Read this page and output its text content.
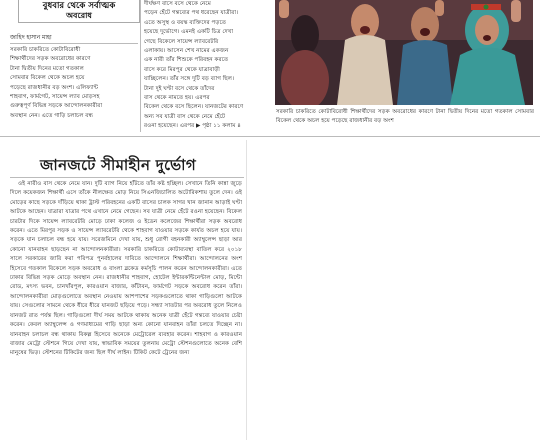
বুধবার থেকে সর্বাত্মক
অবরোধ
জাহিদ হাসান মাহা
সরকারি চাকরিতে কোটাবিরোধী
শিক্ষার্থীদের সড়ক অবরোধের কারণে
টানা দ্বিতীয় দিনের মতো গতকাল
সোমবার বিকেল থেকে অচল হয়ে
পড়েছে রাজধানীর বড় অংশ। এলিফ্যান্ট
শাহবাগ, ফার্মগেট, সায়েন্স ল্যাব মোড়সহ
গুরুত্বপূর্ণ বিভিন্ন সড়কে আন্দোলনকারীরা
অবস্থান নেন। এতে গাড়ি চলাচল বন্ধ
দীর্ঘক্ষণ বাসে বসে থেকে নেমে
পড়েন হেঁটে গন্তব্যের পথ ধরেছেন যাত্রীরা।
এতে অসুস্থ ও বয়স্ক ব্যক্তিদের পড়তে
হয়েছে দুর্ভোগে। এমনই একটি চিত্র দেখা
গেছে বিকেলে সায়েন্স ল্যাবরেটরি
এলাকায়। আসেন শেখ নামের একজন
এক নারী তাঁর শিশুকে পরিবহন করতে
বাসে করে মিরপুর থেকে যাত্রাবাড়ী
যাচ্ছিলেন। তাঁর সঙ্গে দুটি বড় ব্যাগ ছিল।
টানা দুই ঘণ্টা বসে থেকে তাঁদের
বাস থেকে নামতে হয়। এরপর
বিকেল থেকে বসে ছিলেন। যানজটের কারণে
অন্য সব যাত্রী বাস থেকে নেমে হেঁটে
রওনা হয়েছেন। এরপর ▶ পৃষ্ঠা ১১ কলাম ৪
সরকারি চাকরিতে কোটাবিরোধী শিক্ষার্থীদের সড়ক অবরোধের কারণে টানা দ্বিতীয় দিনের মতো গতকাল সোমবার বিকেল থেকে অচল হয়ে পড়েছে রাজধানীর বড় অংশ
জানজটে সীমাহীন দুর্ভোগ
ওই নারীও বাস থেকে নেমে যান। দুটি ব্যাগ নিয়ে হাঁটতে তাঁর কষ্ট হচ্ছিল। সেখানে তিনি কান্না জুড়ে দিলে কয়েকজন শিক্ষার্থী এসে তাঁকে নীলক্ষেত মোড় নিয়ে সিএনজিচালিত অটোরিকশায় তুলে দেন। ওই মোড়ের কাছে সড়কে দাঁড়িয়ে থাকা ট্রাস্ট পরিবহনের একটি বাসের চালক সাগর খান জানান আড়াই ঘণ্টা আটকে আছেন। যাত্রারা যাত্রার পথে এখানে নেমে গেছেন। সব যাত্রী নেমে হেঁটে রওনা হয়েছেন। বিকেল চারটার দিকে সায়েন্স ল্যাবরেটরি মোড়ে ঢাকা কলেজ ও ইডেন কলেজের শিক্ষার্থীরা সড়ক অবরোধ করেন। এতে মিরপুর সড়ক ও সায়েন্স ল্যাবরেটরি থেকে শাহবাগ যাওয়ার সড়কে কার্যত অচল হয়ে যায়। সড়কে যান চলাচল বন্ধ হয়ে যায়। সরেজমিনে দেখা যায়, শুধু রোগী বহনকারী অ্যাম্বুলেন্স ছাড়া আর কোনো যানবাহন ছাড়ছেন না আন্দোলনকারীরা। সরকারি চাকরিতে কোটাব্যবস্থা বাতিল করে ২০১৮ সালে সরকারের জারি করা পরিপত্র পুনর্বহালের দাবিতে আন্দোলনে শিক্ষার্থীরা। আন্দোলনের অংশ হিসেবে গতকাল বিকেলে সড়ক অবরোধ ও বাংলা ব্লকেড কর্মসূচি পালন করেন আন্দোলনকারীরা। এতে ঢাকার বিভিন্ন সড়ক মোড়ে অবস্থান নেন। রাজধানীর শাহবাগ, হোটেল ইন্টারকন্টিনেন্টাল মোড়, মিন্টো রোড, মৎস্য ভবন, চানখাঁরপুল, কারওয়ান বাজার, কাঁটাবন, ফার্মগেট সড়কে অবরোধ করেন তাঁরা। আন্দোলনকারীরা মোড়গুলোতে অবস্থান নেওয়ায় আশপাশের সড়কগুলোতে থাকা গাড়িগুলো আটকে যায়। সেগুলোর সামনে থেকে ধীরে ধীরে যানজট ছড়িয়ে পড়ে। সন্ধ্যা সাতটার পর অবরোধ তুলে নিলেও যানজট রাত পর্যন্ত ছিল। গাড়িগুলো দীর্ঘ সময় আটকে থাকায় অনেক যাত্রী হেঁটে গন্তব্যে যাওয়ার চেষ্টা করেন। কেবল অ্যাম্বুলেন্স ও গণমাধ্যমের গাড়ি ছাড়া অন্য কোনো যানবাহন তাঁরা চলতে দিচ্ছেন না। যানবাহন চলাচল বন্ধ থাকায় বিকল্প হিসেবে অনেকে মেট্রোরেল ব্যবহার করেন। শাহবাগ ও কারওয়ান বাজার মেট্রো স্টেশনে গিয়ে দেখা যায়, স্বাভাবিক সময়ের তুলনায় মেট্রো স্টেশনগুলোতে অনেক বেশি মানুষের ভিড়। স্টেশনের টিকিটের জন্য ছিল দীর্ঘ লাইন। টিকিট কেটে ট্রেনের জন্য
